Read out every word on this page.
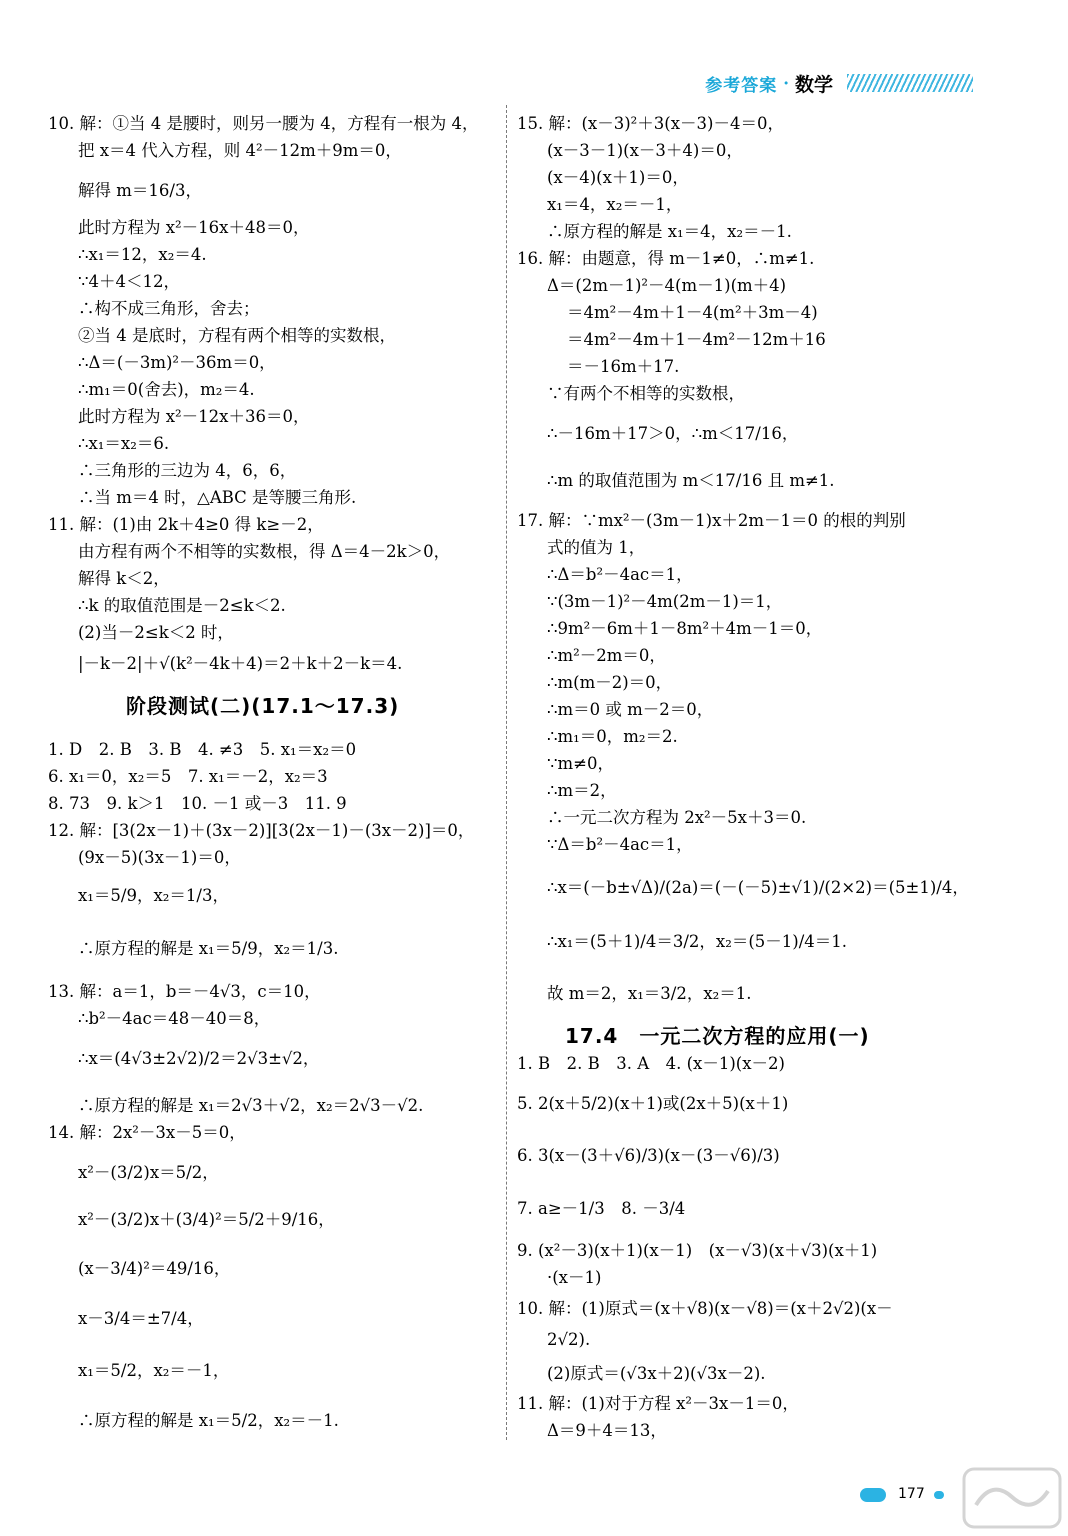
参考答案 · 数学
10. 解：①当 4 是腰时，则另一腰为 4，方程有一根为 4，
把 x＝4 代入方程，则 4²－12m＋9m＝0，
解得 m＝16/3，
此时方程为 x²－16x＋48＝0，
∴x₁＝12，x₂＝4.
∵4＋4＜12，
∴构不成三角形，舍去；
②当 4 是底时，方程有两个相等的实数根，
∴Δ＝(－3m)²－36m＝0，
∴m₁＝0(舍去)，m₂＝4.
此时方程为 x²－12x＋36＝0，
∴x₁＝x₂＝6.
∴三角形的三边为 4，6，6，
∴当 m＝4 时，△ABC 是等腰三角形.
11. 解：(1)由 2k＋4≥0 得 k≥－2，
由方程有两个不相等的实数根，得 Δ＝4－2k＞0，
解得 k＜2，
∴k 的取值范围是－2≤k＜2.
(2)当－2≤k＜2 时，
|－k－2|＋√(k²－4k＋4)＝2＋k＋2－k＝4.
阶段测试(二)(17.1～17.3)
1. D　2. B　3. B　4. ≠3　5. x₁＝x₂＝0
6. x₁＝0，x₂＝5　7. x₁＝－2，x₂＝3
8. 73　9. k＞1　10. －1 或－3　11. 9
12. 解：[3(2x－1)＋(3x－2)][3(2x－1)－(3x－2)]＝0，
(9x－5)(3x－1)＝0，
x₁＝5/9，x₂＝1/3，
∴原方程的解是 x₁＝5/9，x₂＝1/3.
13. 解：a＝1，b＝－4√3，c＝10，
∴b²－4ac＝48－40＝8，
∴x＝(4√3±2√2)/2＝2√3±√2，
∴原方程的解是 x₁＝2√3＋√2，x₂＝2√3－√2.
14. 解：2x²－3x－5＝0，
x²－(3/2)x＝5/2，
x²－(3/2)x＋(3/4)²＝5/2＋9/16，
(x－3/4)²＝49/16，
x－3/4＝±7/4，
x₁＝5/2，x₂＝－1，
∴原方程的解是 x₁＝5/2，x₂＝－1.
15. 解：(x－3)²＋3(x－3)－4＝0，
(x－3－1)(x－3＋4)＝0，
(x－4)(x＋1)＝0，
x₁＝4，x₂＝－1，
∴原方程的解是 x₁＝4，x₂＝－1.
16. 解：由题意，得 m－1≠0，∴m≠1.
Δ＝(2m－1)²－4(m－1)(m＋4)
＝4m²－4m＋1－4(m²＋3m－4)
＝4m²－4m＋1－4m²－12m＋16
＝－16m＋17.
∵有两个不相等的实数根，
∴－16m＋17＞0，∴m＜17/16，
∴m 的取值范围为 m＜17/16 且 m≠1.
17. 解：∵mx²－(3m－1)x＋2m－1＝0 的根的判别
式的值为 1，
∴Δ＝b²－4ac＝1，
∵(3m－1)²－4m(2m－1)＝1，
∴9m²－6m＋1－8m²＋4m－1＝0，
∴m²－2m＝0，
∴m(m－2)＝0，
∴m＝0 或 m－2＝0，
∴m₁＝0，m₂＝2.
∵m≠0，
∴m＝2，
∴一元二次方程为 2x²－5x＋3＝0.
∵Δ＝b²－4ac＝1，
∴x＝(－b±√Δ)/(2a)＝(－(－5)±√1)/(2×2)＝(5±1)/4，
∴x₁＝(5＋1)/4＝3/2，x₂＝(5－1)/4＝1.
故 m＝2，x₁＝3/2，x₂＝1.
17.4　一元二次方程的应用(一)
1. B　2. B　3. A　4. (x－1)(x－2)
5. 2(x＋5/2)(x＋1)或(2x＋5)(x＋1)
6. 3(x－(3＋√6)/3)(x－(3－√6)/3)
7. a≥－1/3　8. －3/4
9. (x²－3)(x＋1)(x－1)　(x－√3)(x＋√3)(x＋1)
·(x－1)
10. 解：(1)原式＝(x＋√8)(x－√8)＝(x＋2√2)(x－
2√2).
(2)原式＝(√3x＋2)(√3x－2).
11. 解：(1)对于方程 x²－3x－1＝0，
Δ＝9＋4＝13，
177
